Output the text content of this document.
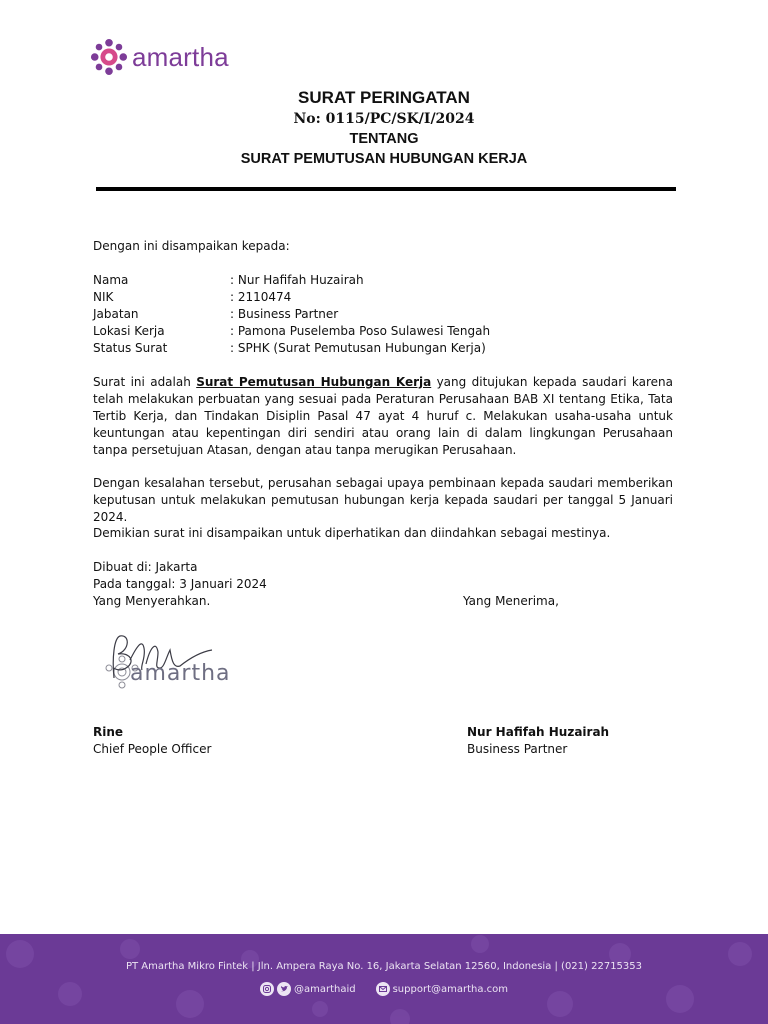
amartha
SURAT PERINGATAN
No: 0115/PC/SK/I/2024
TENTANG
SURAT PEMUTUSAN HUBUNGAN KERJA
Dengan ini disampaikan kepada:
Nama	: Nur Hafifah Huzairah
NIK	: 2110474
Jabatan	: Business Partner
Lokasi Kerja	: Pamona Puselemba Poso Sulawesi Tengah
Status Surat	: SPHK (Surat Pemutusan Hubungan Kerja)
Surat ini adalah Surat Pemutusan Hubungan Kerja yang ditujukan kepada saudari karena telah melakukan perbuatan yang sesuai pada Peraturan Perusahaan BAB XI tentang Etika, Tata Tertib Kerja, dan Tindakan Disiplin Pasal 47 ayat 4 huruf c. Melakukan usaha-usaha untuk keuntungan atau kepentingan diri sendiri atau orang lain di dalam lingkungan Perusahaan tanpa persetujuan Atasan, dengan atau tanpa merugikan Perusahaan.
Dengan kesalahan tersebut, perusahan sebagai upaya pembinaan kepada saudari memberikan keputusan untuk melakukan pemutusan hubungan kerja kepada saudari per tanggal 5 Januari 2024.
Demikian surat ini disampaikan untuk diperhatikan dan diindahkan sebagai mestinya.
Dibuat di: Jakarta
Pada tanggal: 3 Januari 2024
Yang Menyerahkan.	Yang Menerima,
amartha
Rine
Chief People Officer
Nur Hafifah Huzairah
Business Partner
PT Amartha Mikro Fintek | Jln. Ampera Raya No. 16, Jakarta Selatan 12560, Indonesia | (021) 22715353
@amarthaid	support@amartha.com
